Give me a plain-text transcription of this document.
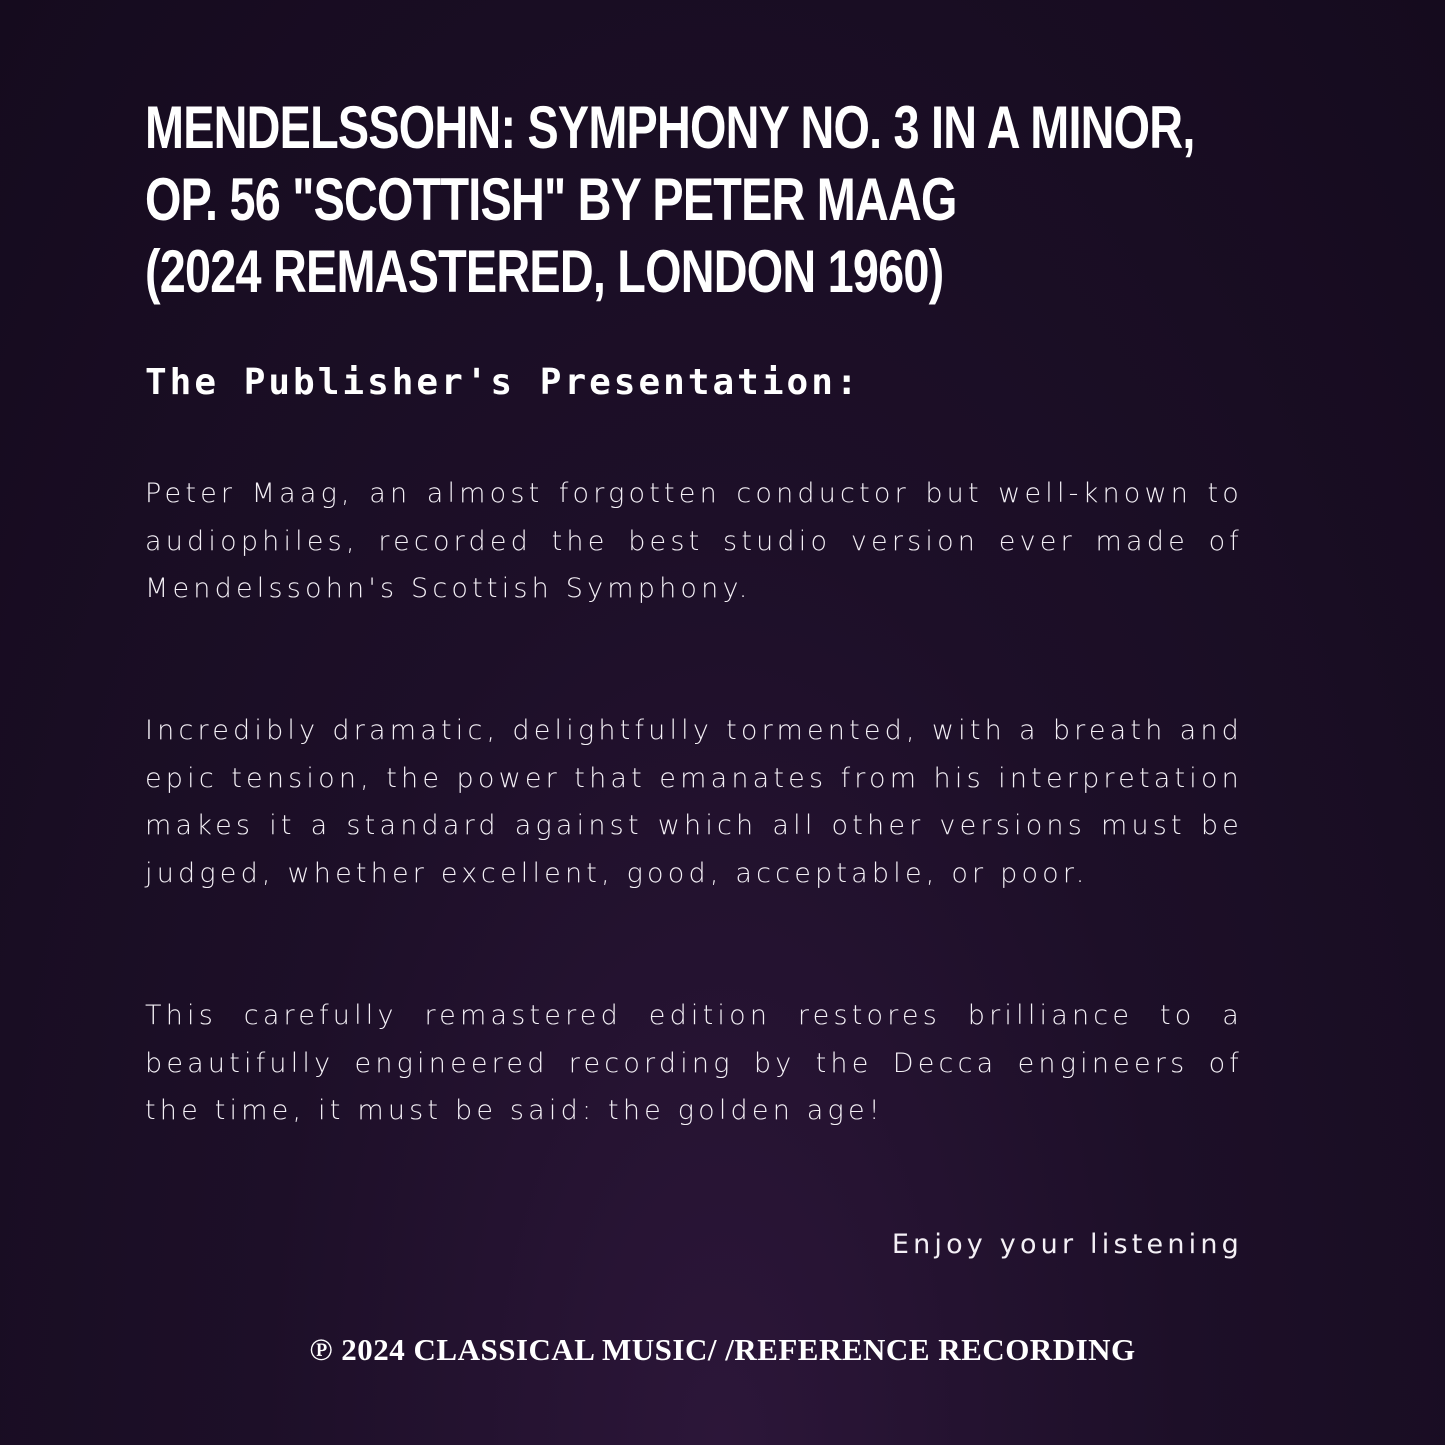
MENDELSSOHN: SYMPHONY NO. 3 IN A MINOR,
OP. 56 "SCOTTISH" BY PETER MAAG
(2024 REMASTERED, LONDON 1960)
The Publisher's Presentation:

Peter Maag, an almost forgotten conductor but well-known to audiophiles, recorded the best studio version ever made of Mendelssohn's Scottish Symphony.

Incredibly dramatic, delightfully tormented, with a breath and epic tension, the power that emanates from his interpretation makes it a standard against which all other versions must be judged, whether excellent, good, acceptable, or poor.

This carefully remastered edition restores brilliance to a beautifully engineered recording by the Decca engineers of the time, it must be said: the golden age!

Enjoy your listening

℗ 2024 CLASSICAL MUSIC/ /REFERENCE RECORDING
